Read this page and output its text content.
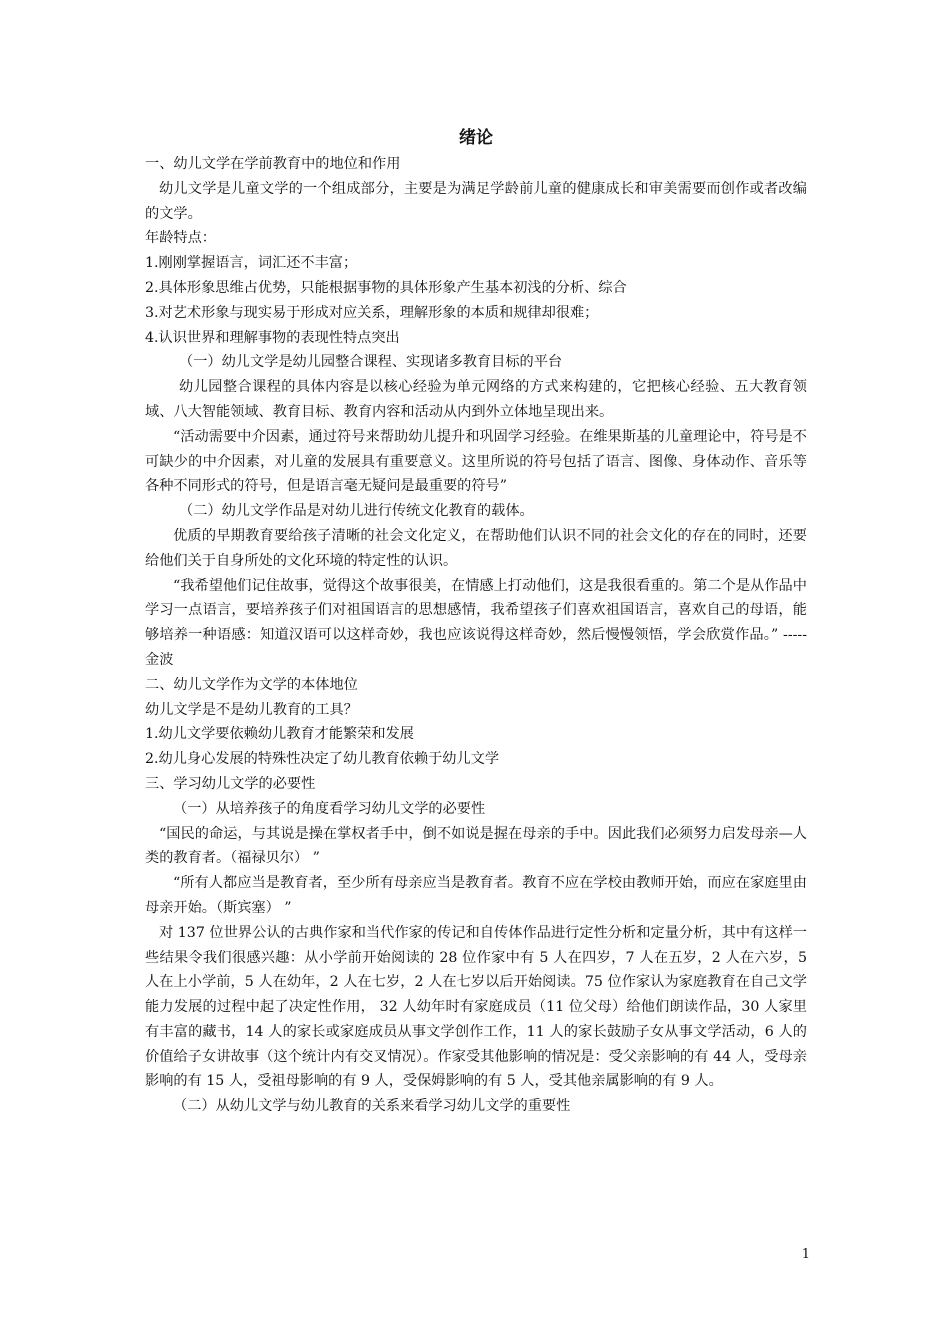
绪论

一、幼儿文学在学前教育中的地位和作用

幼儿文学是儿童文学的一个组成部分，主要是为满足学龄前儿童的健康成长和审美需要而创作或者改编的文学。

年龄特点：

1.刚刚掌握语言，词汇还不丰富；

2.具体形象思维占优势，只能根据事物的具体形象产生基本初浅的分析、综合

3.对艺术形象与现实易于形成对应关系，理解形象的本质和规律却很难；

4.认识世界和理解事物的表现性特点突出

（一）幼儿文学是幼儿园整合课程、实现诸多教育目标的平台

幼儿园整合课程的具体内容是以核心经验为单元网络的方式来构建的，它把核心经验、五大教育领域、八大智能领域、教育目标、教育内容和活动从内到外立体地呈现出来。

“活动需要中介因素，通过符号来帮助幼儿提升和巩固学习经验。在维果斯基的儿童理论中，符号是不可缺少的中介因素，对儿童的发展具有重要意义。这里所说的符号包括了语言、图像、身体动作、音乐等各种不同形式的符号，但是语言毫无疑问是最重要的符号”

（二）幼儿文学作品是对幼儿进行传统文化教育的载体。

优质的早期教育要给孩子清晰的社会文化定义，在帮助他们认识不同的社会文化的存在的同时，还要给他们关于自身所处的文化环境的特定性的认识。

“我希望他们记住故事，觉得这个故事很美，在情感上打动他们，这是我很看重的。第二个是从作品中学习一点语言，要培养孩子们对祖国语言的思想感情，我希望孩子们喜欢祖国语言，喜欢自己的母语，能够培养一种语感：知道汉语可以这样奇妙，我也应该说得这样奇妙，然后慢慢领悟，学会欣赏作品。” -----金波

二、幼儿文学作为文学的本体地位

幼儿文学是不是幼儿教育的工具？

1.幼儿文学要依赖幼儿教育才能繁荣和发展

2.幼儿身心发展的特殊性决定了幼儿教育依赖于幼儿文学

三、学习幼儿文学的必要性

（一）从培养孩子的角度看学习幼儿文学的必要性

“国民的命运，与其说是操在掌权者手中，倒不如说是握在母亲的手中。因此我们必须努力启发母亲—人类的教育者。（福禄贝尔） ”

“所有人都应当是教育者，至少所有母亲应当是教育者。教育不应在学校由教师开始，而应在家庭里由母亲开始。（斯宾塞） ”

对 137 位世界公认的古典作家和当代作家的传记和自传体作品进行定性分析和定量分析，其中有这样一些结果令我们很感兴趣：从小学前开始阅读的 28 位作家中有 5 人在四岁，7 人在五岁，2 人在六岁，5 人在上小学前，5 人在幼年，2 人在七岁，2 人在七岁以后开始阅读。75 位作家认为家庭教育在自己文学能力发展的过程中起了决定性作用， 32 人幼年时有家庭成员（11 位父母）给他们朗读作品，30 人家里有丰富的藏书，14 人的家长或家庭成员从事文学创作工作，11 人的家长鼓励子女从事文学活动，6 人的价值给子女讲故事（这个统计内有交叉情况）。作家受其他影响的情况是：受父亲影响的有 44 人，受母亲影响的有 15 人，受祖母影响的有 9 人，受保姆影响的有 5 人，受其他亲属影响的有 9 人。

（二）从幼儿文学与幼儿教育的关系来看学习幼儿文学的重要性

1
